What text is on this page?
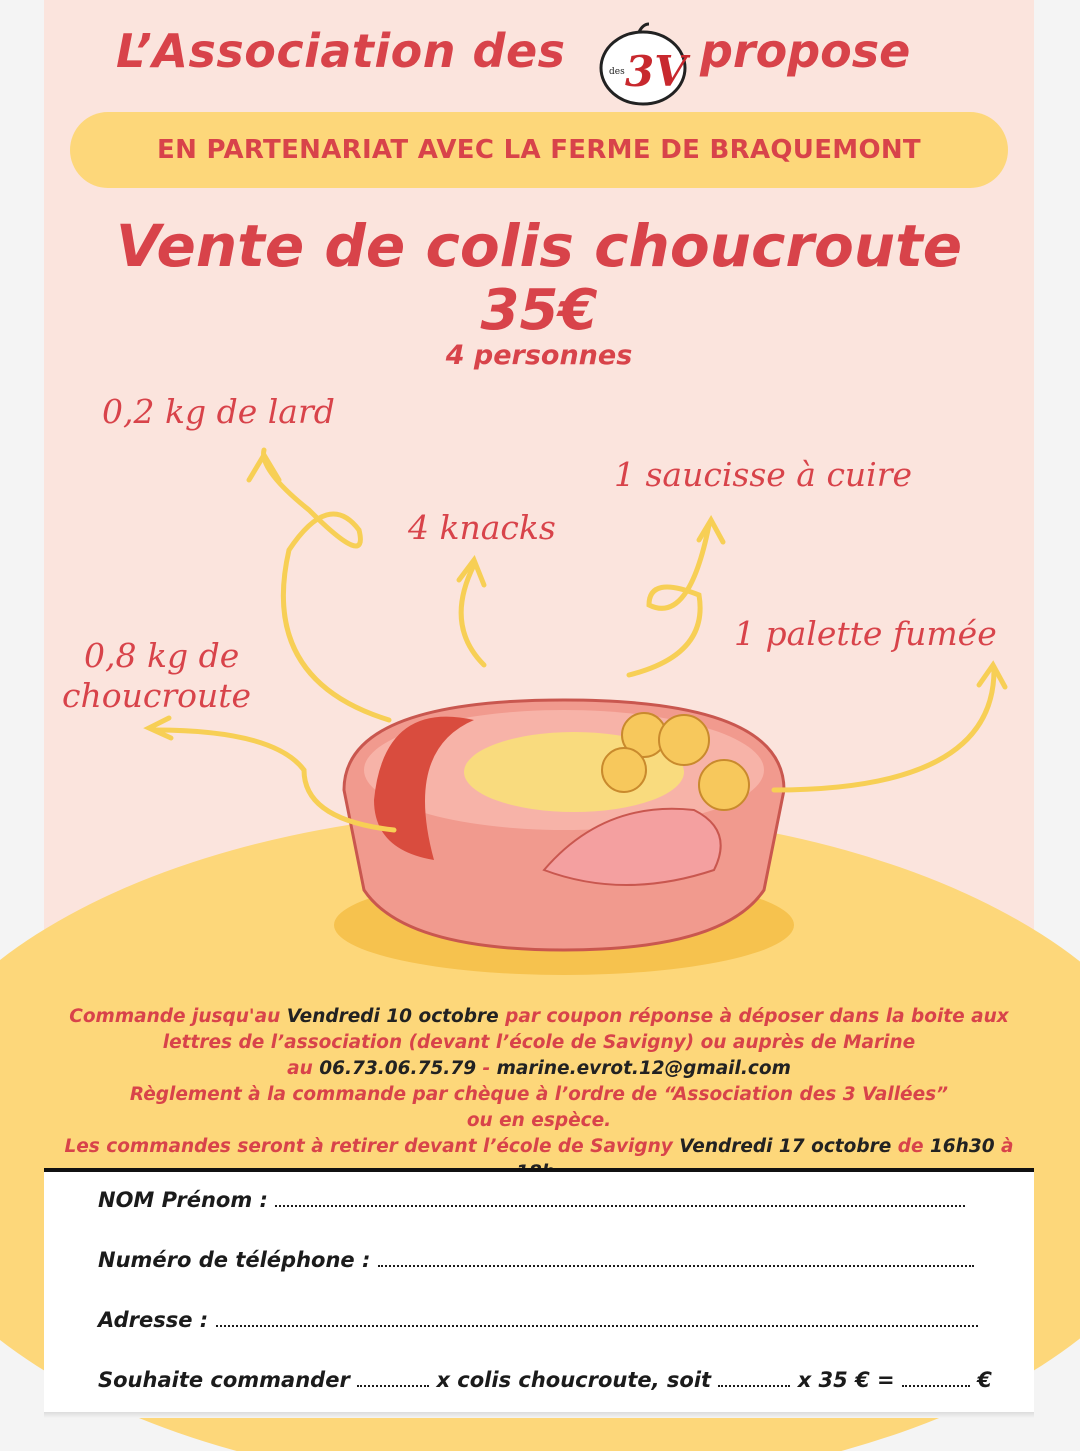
L’Association des	des 3V propose
EN PARTENARIAT AVEC LA FERME DE BRAQUEMONT
Vente de colis choucroute
35€
4 personnes
0,2 kg de lard
4 knacks
1 saucisse à cuire
1 palette fumée
0,8 kg de
choucroute
Commande jusqu'au Vendredi 10 octobre par coupon réponse à déposer dans la boite aux
lettres de l’association (devant l’école de Savigny) ou auprès de Marine
au 06.73.06.75.79 - marine.evrot.12@gmail.com
Règlement à la commande par chèque à l’ordre de “Association des 3 Vallées”
ou en espèce.
Les commandes seront à retirer devant l’école de Savigny Vendredi 17 octobre de 16h30 à
NOM Prénom :
Numéro de téléphone :
Adresse :
Souhaite commander	x colis choucroute, soit	x 35 € =	€
